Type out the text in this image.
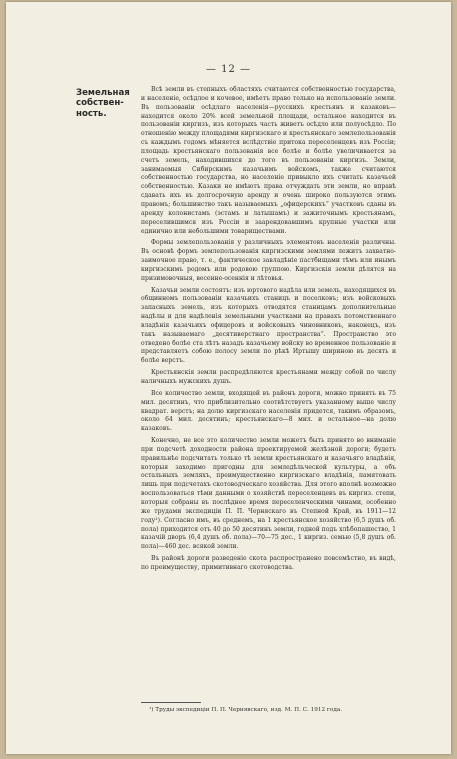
— 12 —
Земельная
собствен-
ность.

Всѣ земли въ степныхъ областяхъ считаются собственностью государства, и населеніе, осѣдлое и кочевое, имѣетъ право только на использованіе земли. Въ пользованіи осѣдлаго населенія—русскихъ крестьянъ и казаковъ—находится около 20% всей земельной площади, остальное находится въ пользованіи киргизъ, изъ которыхъ часть живетъ осѣдло или полуосѣдло. По отношенію между площадями киргизскаго и крестьянскаго землепользованія съ каждымъ годомъ мѣняется вслѣдствіе притока переселенцевъ изъ Россіи; площадь крестьянскаго пользованія все болѣе и болѣе увеличивается за счетъ земель, находившихся до того въ пользованіи киргизъ. Земли, занимаемыя Сибирскимъ казачьимъ войскомъ, также считаются собственностью государства, но населеніе привыкло ихъ считать казачьей собственностью. Казаки не имѣютъ права отчуждать эти земли, но вправѣ сдавать ихъ въ долгосрочную аренду и очень широко пользуются этимъ правомъ; большинство такъ называемыхъ „офицерскихъ“ участковъ сданы въ аренду колонистамъ (эстамъ и латышамъ) и зажиточнымъ крестьянамъ, переселившимся изъ Россіи и заарендовавшимъ крупные участки или единично или небольшими товариществами.

Формы землепользованія у различныхъ элементовъ населенія различны. Въ основѣ формъ землепользованія киргизскими землями лежитъ захватно-заимочное право, т. е., фактическое завладѣніе пастбищами тѣмъ или инымъ киргизскимъ родомъ или родовою группою. Киргизскія земли дѣлятся на призимовочныя, весенне-осеннія и лѣтовья.

Казачьи земли состоятъ: изъ юртового надѣла или земель, находящихся въ общинномъ пользованіи казачьихъ станицъ и поселковъ; изъ войсковыхъ запасныхъ земель, изъ которыхъ отводятся станицамъ дополнительные надѣлы и для надѣленія земельными участками на правахъ потомственнаго владѣнія казачьихъ офицеровъ и войсковыхъ чиновниковъ, наконецъ, изъ такъ называемаго „десятиверстнаго пространства“. Пространство это отведено болѣе ста лѣтъ назадъ казачьему войску во временное пользованіе и представляетъ собою полосу земли по рѣкѣ Иртышу шириною въ десять и болѣе верстъ.

Крестьянскія земли распредѣляются крестьянами между собой по числу наличныхъ мужскихъ душъ.

Все количество земли, входящей въ районъ дороги, можно принять въ 75 мил. десятинъ, что приблизительно соотвѣтствуетъ указанному выше числу квадрат. верстъ; на долю киргизскаго населенія придется, такимъ образомъ, около 64 мил. десятинъ; крестьянскаго—8 мил. и остальное—на долю казаковъ.

Конечно, не все это количество земли можетъ быть принято во вниманіе при подсчетѣ доходности района проектируемой желѣзной дороги; будетъ правильнѣе подсчитать только тѣ земли крестьянскаго и казачьяго владѣнія, которыя заходимо пригодны для земледѣльческой культуры, а объ остальныхъ земляхъ, преимущественно киргизскаго владѣнія, памятовать лишь при подсчетахъ скотоводческаго хозяйства. Для этого вполнѣ возможно воспользоваться тѣми данными о хозяйствѣ переселенцевъ въ киргиз. степи, которыя собраны въ послѣднее время переселенческими чинами, особенно же трудами экспедиціи П. П. Черняскаго въ Степной Край, въ 1911—12 году¹). Согласно имъ, въ среднемъ, на 1 крестьянское хозяйство (6,5 душъ об. пола) приходится отъ 40 до 50 десятинъ земли, годной подъ хлѣбопашество, 1 казачій дворъ (6,4 душъ об. пола)—70—75 дес., 1 киргиз. семью (5,8 душъ об. пола)—460 дес. всякой земли.

Въ районѣ дороги разведеніе скота распространено повсемѣстно, въ видѣ, по преимуществу, примитивнаго скотоводства.

¹) Труды экспедиціи П. П. Чернявскаго, изд. М. П. С. 1912 года.
